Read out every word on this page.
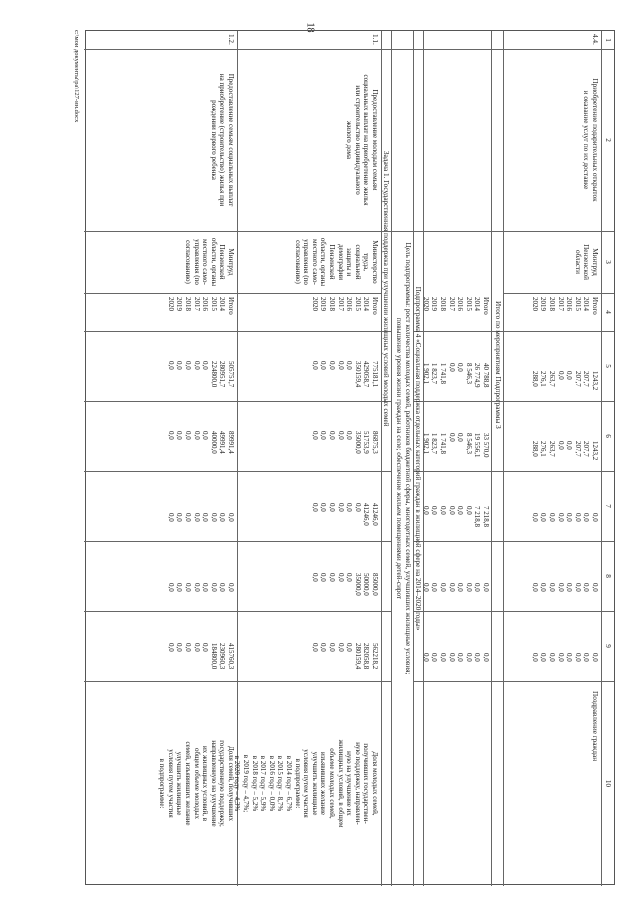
18
1
2
3
4
5
6
7
8
9
10
4.4.
Приобретение подарительных открыток
и оказание услуг по их доставке
Минтруд
Пензенской
области
Поздравление граждан
Итого
2014
2015
2016
2017
2018
2019
2020
1243,2
207,7
207,7
0,0
0,0
263,7
276,1
288,0
1243,2
207,7
207,7
0,0
0,0
263,7
276,1
288,0
0,0
0,0
0,0
0,0
0,0
0,0
0,0
0,0
0,0
0,0
0,0
0,0
0,0
0,0
0,0
0,0
0,0
0,0
0,0
0,0
0,0
0,0
0,0
0,0
Итого по мероприятиям Подпрограммы 3
Итого
2014
2015
2016
2017
2018
2019
2020
40 788,8
26 774,9
8 546,3
0,0
0,0
1 741,8
1 823,7
1 902,1
33 570,0
19 556,1
8 546,3
0,0
0,0
1 741,8
1 823,7
1 902,1
7 218,8
7 218,8
0,0
0,0
0,0
0,0
0,0
0,0
0,0
0,0
0,0
0,0
0,0
0,0
0,0
0,0
0,0
0,0
0,0
0,0
0,0
0,0
0,0
0,0
Подпрограмма 4 «Социальная поддержка отдельных категорий граждан в жилищной сфере на 2014–2020 годы»
Цель подпрограммы: рост количества молодых семей, работников бюджетной сферы, многодетных семей, улучшивших жилищные условия;
повышение уровня жизни граждан на селе; обеспечение жильем помещениями детей-сирот
Задача 1. Государственная поддержка при улучшении жилищных условий молодых семей
1.1.
Предоставление молодым семьям
социальных выплат на приобретение жилья
или строительство индивидуального
жилого дома
Министерство
труда,
социальной
защиты и
демографии
Пензенской
области, органы
местного само-
управления (по
согласованию)
Итого
2014
2015
2016
2017
2018
2019
2020
775181,1
429058,7
350159,4
0,0
0,0
0,0
0,0
0,0
86875,3
51753,9
35000,0
0,0
0,0
0,0
0,0
0,0
41246,0
41246,0
0,0
0,0
0,0
0,0
0,0
0,0
85000,0
50000,0
35000,0
0,0
0,0
0,0
0,0
0,0
562218,2
282058,8
280159,4
0,0
0,0
0,0
0,0
0,0
Доля молодых семей,
получивших государствен-
ную поддержку, направлен-
ную на улучшение их
жилищных условий, в общем
объеме молодых семей,
изъявивших желание
улучшить жилищные
условия путем участия
в подпрограмме:
в 2014 году – 6,7%
в 2015 году – 8,7%
в 2016 году – 0,0%
в 2017 году – 5,9%
в 2018 году – 5,2%
в 2019 году – 4,7%;
в 2020 году – 4,3%
1.2.
Предоставление семьям социальных выплат
на приобретение (строительство) жилья при
рождении первого ребенка
Минтруд
Пензенской
области, органы
местного само-
управления (по
согласованию)
Итого
2014
2015
2016
2017
2018
2019
2020
505751,7
280951,7
224800,0
0,0
0,0
0,0
0,0
0,0
89991,4
49991,4
40000,0
0,0
0,0
0,0
0,0
0,0
0,0
0,0
0,0
0,0
0,0
0,0
0,0
0,0
0,0
0,0
0,0
0,0
0,0
0,0
0,0
0,0
415760,3
230960,3
184800,0
0,0
0,0
0,0
0,0
0,0
Доля семей, получивших
государственную поддержку,
направленную на улучшение
их жилищных условий, в
общем объеме молодых
семей, изъявивших желание
улучшить жилищные
условия путем участия
в подпрограмме:
c:\мои документы\ра\127-ин.docx
